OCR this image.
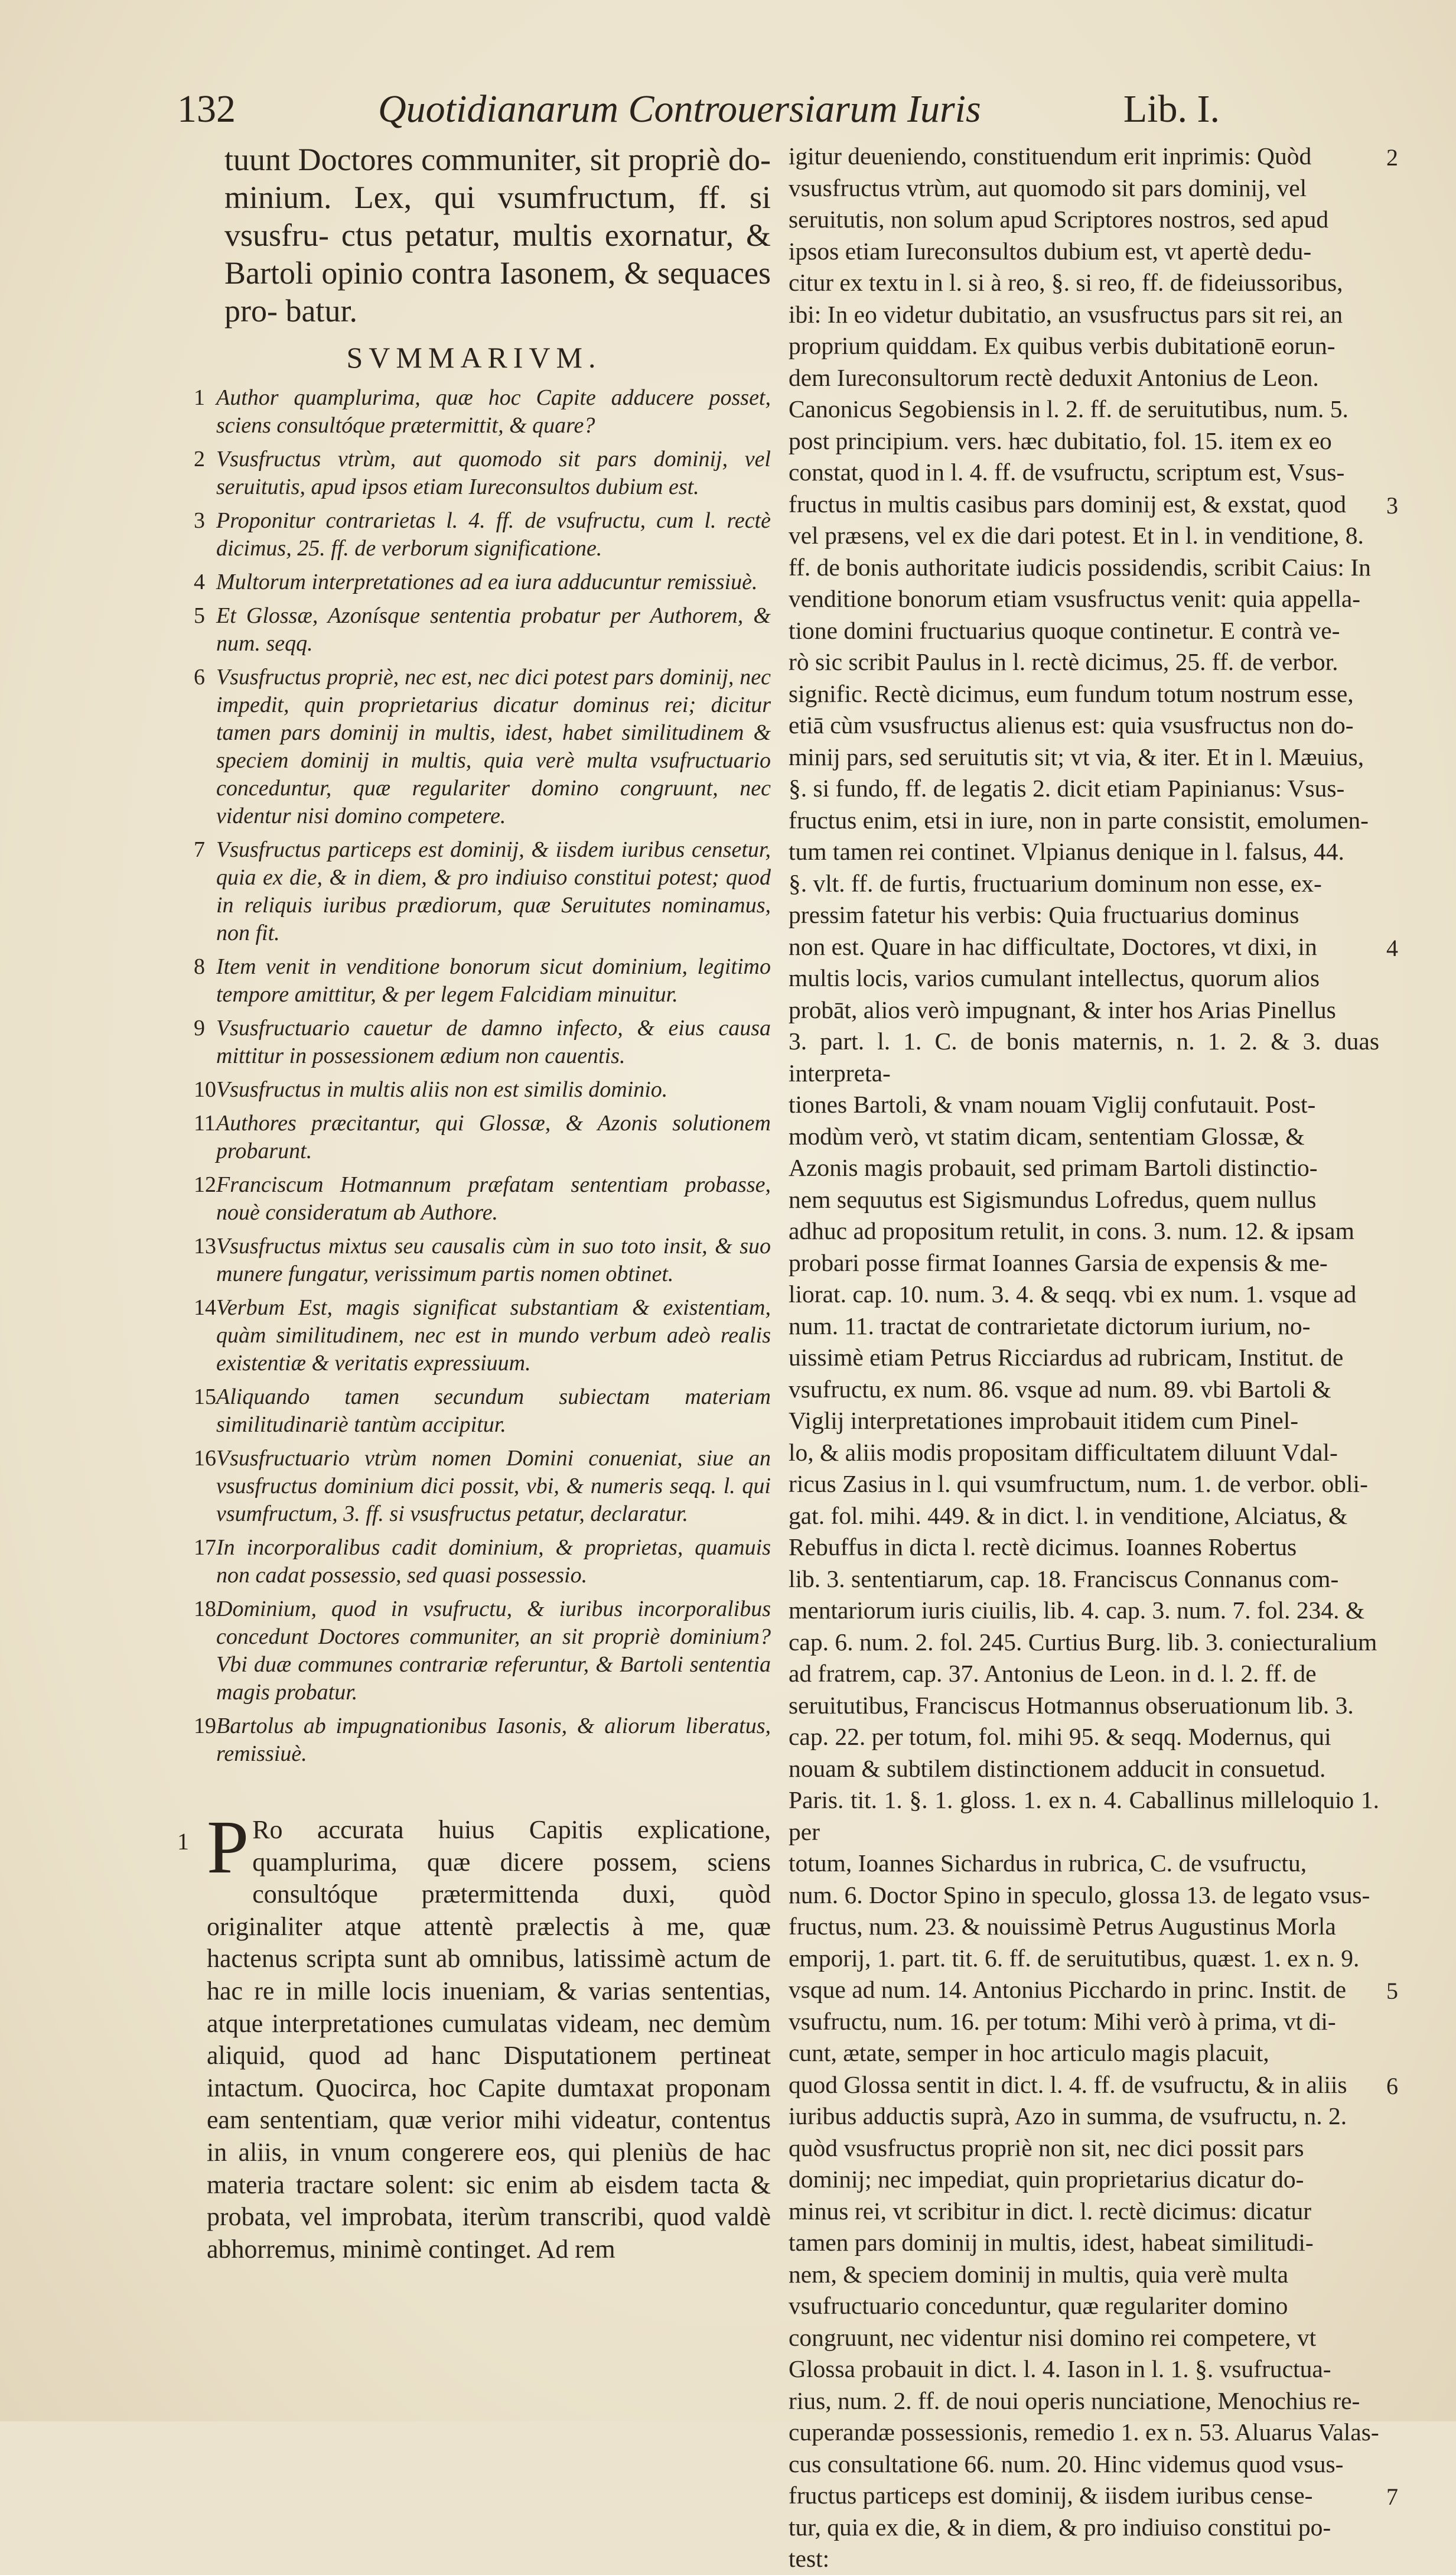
132	Quotidianarum Controuersiarum Iuris	Lib. I.
tuunt Doctores communiter, sit propriè do- minium. Lex, qui vsumfructum, ff. si vsusfru- ctus petatur, multis exornatur, & Bartoli opinio contra Iasonem, & sequaces pro- batur.
SVMMARIVM.
1 Author quamplurima, quæ hoc Capite adducere posset, sciens consultóque prætermittit, & quare?
2 Vsusfructus vtrùm, aut quomodo sit pars dominij, vel seruitutis, apud ipsos etiam Iureconsultos dubium est.
3 Proponitur contrarietas l. 4. ff. de vsufructu, cum l. rectè dicimus, 25. ff. de verborum significatione.
4 Multorum interpretationes ad ea iura adducuntur remissiuè.
5 Et Glossæ, Azonísque sententia probatur per Authorem, & num. seqq.
6 Vsusfructus propriè, nec est, nec dici potest pars dominij, nec impedit, quin proprietarius dicatur dominus rei; dicitur tamen pars dominij in multis, idest, habet similitudinem & speciem dominij in multis, quia verè multa vsufructuario conceduntur, quæ regulariter domino congruunt, nec videntur nisi domino competere.
7 Vsusfructus particeps est dominij, & iisdem iuribus censetur, quia ex die, & in diem, & pro indiuiso constitui potest; quod in reliquis iuribus prædiorum, quæ Seruitutes nominamus, non fit.
8 Item venit in venditione bonorum sicut dominium, legitimo tempore amittitur, & per legem Falcidiam minuitur.
9 Vsusfructuario cauetur de damno infecto, & eius causa mittitur in possessionem ædium non cauentis.
10 Vsusfructus in multis aliis non est similis dominio.
11 Authores præcitantur, qui Glossæ, & Azonis solutionem probarunt.
12 Franciscum Hotmannum præfatam sententiam probasse, nouè consideratum ab Authore.
13 Vsusfructus mixtus seu causalis cùm in suo toto insit, & suo munere fungatur, verissimum partis nomen obtinet.
14 Verbum Est, magis significat substantiam & existentiam, quàm similitudinem, nec est in mundo verbum adeò realis existentiæ & veritatis expressiuum.
15 Aliquando tamen secundum subiectam materiam similitudinariè tantùm accipitur.
16 Vsusfructuario vtrùm nomen Domini conueniat, siue an vsusfructus dominium dici possit, vbi, & numeris seqq. l. qui vsumfructum, 3. ff. si vsusfructus petatur, declaratur.
17 In incorporalibus cadit dominium, & proprietas, quamuis non cadat possessio, sed quasi possessio.
18 Dominium, quod in vsufructu, & iuribus incorporalibus concedunt Doctores communiter, an sit propriè dominium? Vbi duæ communes contrariæ referuntur, & Bartoli sententia magis probatur.
19 Bartolus ab impugnationibus Iasonis, & aliorum liberatus, remissiuè.
1 P Ro accurata huius Capitis explicatione, quamplurima, quæ dicere possem, sciens consultóque prætermittenda duxi, quòd originaliter atque attentè prælectis à me, quæ hactenus scripta sunt ab omnibus, latissimè actum de hac re in mille locis inueniam, & varias sententias, atque interpretationes cumulatas videam, nec demùm aliquid, quod ad hanc Disputationem pertineat intactum. Quocirca, hoc Capite dumtaxat proponam eam sententiam, quæ verior mihi videatur, contentus in aliis, in vnum congerere eos, qui pleniùs de hac materia tractare solent: sic enim ab eisdem tacta & probata, vel improbata, iterùm transcribi, quod valdè abhorremus, minimè continget. Ad rem
igitur deueniendo, constituendum erit inprimis: Quòd
vsusfructus vtrùm, aut quomodo sit pars dominij, vel
seruitutis, non solum apud Scriptores nostros, sed apud
ipsos etiam Iureconsultos dubium est, vt apertè dedu-
citur ex textu in l. si à reo, §. si reo, ff. de fideiussoribus,
ibi: In eo videtur dubitatio, an vsusfructus pars sit rei, an
proprium quiddam. Ex quibus verbis dubitationē eorun-
dem Iureconsultorum rectè deduxit Antonius de Leon.
Canonicus Segobiensis in l. 2. ff. de seruitutibus, num. 5.
post principium. vers. hæc dubitatio, fol. 15. item ex eo
constat, quod in l. 4. ff. de vsufructu, scriptum est, Vsus-
fructus in multis casibus pars dominij est, & exstat, quod
vel præsens, vel ex die dari potest. Et in l. in venditione, 8.
ff. de bonis authoritate iudicis possidendis, scribit Caius: In
venditione bonorum etiam vsusfructus venit: quia appella-
tione domini fructuarius quoque continetur. E contrà ve-
rò sic scribit Paulus in l. rectè dicimus, 25. ff. de verbor.
signific. Rectè dicimus, eum fundum totum nostrum esse,
etiā cùm vsusfructus alienus est: quia vsusfructus non do-
minij pars, sed seruitutis sit; vt via, & iter. Et in l. Mæuius,
§. si fundo, ff. de legatis 2. dicit etiam Papinianus: Vsus-
fructus enim, etsi in iure, non in parte consistit, emolumen-
tum tamen rei continet. Vlpianus denique in l. falsus, 44.
§. vlt. ff. de furtis, fructuarium dominum non esse, ex-
pressim fatetur his verbis: Quia fructuarius dominus
non est. Quare in hac difficultate, Doctores, vt dixi, in
multis locis, varios cumulant intellectus, quorum alios
probāt, alios verò impugnant, & inter hos Arias Pinellus
3. part. l. 1. C. de bonis maternis, n. 1. 2. & 3. duas interpreta-
tiones Bartoli, & vnam nouam Viglij confutauit. Post-
modùm verò, vt statim dicam, sententiam Glossæ, &
Azonis magis probauit, sed primam Bartoli distinctio-
nem sequutus est Sigismundus Lofredus, quem nullus
adhuc ad propositum retulit, in cons. 3. num. 12. & ipsam
probari posse firmat Ioannes Garsia de expensis & me-
liorat. cap. 10. num. 3. 4. & seqq. vbi ex num. 1. vsque ad
num. 11. tractat de contrarietate dictorum iurium, no-
uissimè etiam Petrus Ricciardus ad rubricam, Institut. de
vsufructu, ex num. 86. vsque ad num. 89. vbi Bartoli &
Viglij interpretationes improbauit itidem cum Pinel-
lo, & aliis modis propositam difficultatem diluunt Vdal-
ricus Zasius in l. qui vsumfructum, num. 1. de verbor. obli-
gat. fol. mihi. 449. & in dict. l. in venditione, Alciatus, &
Rebuffus in dicta l. rectè dicimus. Ioannes Robertus
lib. 3. sententiarum, cap. 18. Franciscus Connanus com-
mentariorum iuris ciuilis, lib. 4. cap. 3. num. 7. fol. 234. &
cap. 6. num. 2. fol. 245. Curtius Burg. lib. 3. coniecturalium
ad fratrem, cap. 37. Antonius de Leon. in d. l. 2. ff. de
seruitutibus, Franciscus Hotmannus obseruationum lib. 3.
cap. 22. per totum, fol. mihi 95. & seqq. Modernus, qui
nouam & subtilem distinctionem adducit in consuetud.
Paris. tit. 1. §. 1. gloss. 1. ex n. 4. Caballinus milleloquio 1. per
totum, Ioannes Sichardus in rubrica, C. de vsufructu,
num. 6. Doctor Spino in speculo, glossa 13. de legato vsus-
fructus, num. 23. & nouissimè Petrus Augustinus Morla
emporij, 1. part. tit. 6. ff. de seruitutibus, quæst. 1. ex n. 9.
vsque ad num. 14. Antonius Picchardo in princ. Instit. de
vsufructu, num. 16. per totum: Mihi verò à prima, vt di-
cunt, ætate, semper in hoc articulo magis placuit,
quod Glossa sentit in dict. l. 4. ff. de vsufructu, & in aliis
iuribus adductis suprà, Azo in summa, de vsufructu, n. 2.
quòd vsusfructus propriè non sit, nec dici possit pars
dominij; nec impediat, quin proprietarius dicatur do-
minus rei, vt scribitur in dict. l. rectè dicimus: dicatur
tamen pars dominij in multis, idest, habeat similitudi-
nem, & speciem dominij in multis, quia verè multa
vsufructuario conceduntur, quæ regulariter domino
congruunt, nec videntur nisi domino rei competere, vt
Glossa probauit in dict. l. 4. Iason in l. 1. §. vsufructua-
rius, num. 2. ff. de noui operis nunciatione, Menochius re-
cuperandæ possessionis, remedio 1. ex n. 53. Aluarus Valas-
cus consultatione 66. num. 20. Hinc videmus quod vsus-
fructus particeps est dominij, & iisdem iuribus cense-
tur, quia ex die, & in diem, & pro indiuiso constitui po-
test:
2
3
4
5
6
7
